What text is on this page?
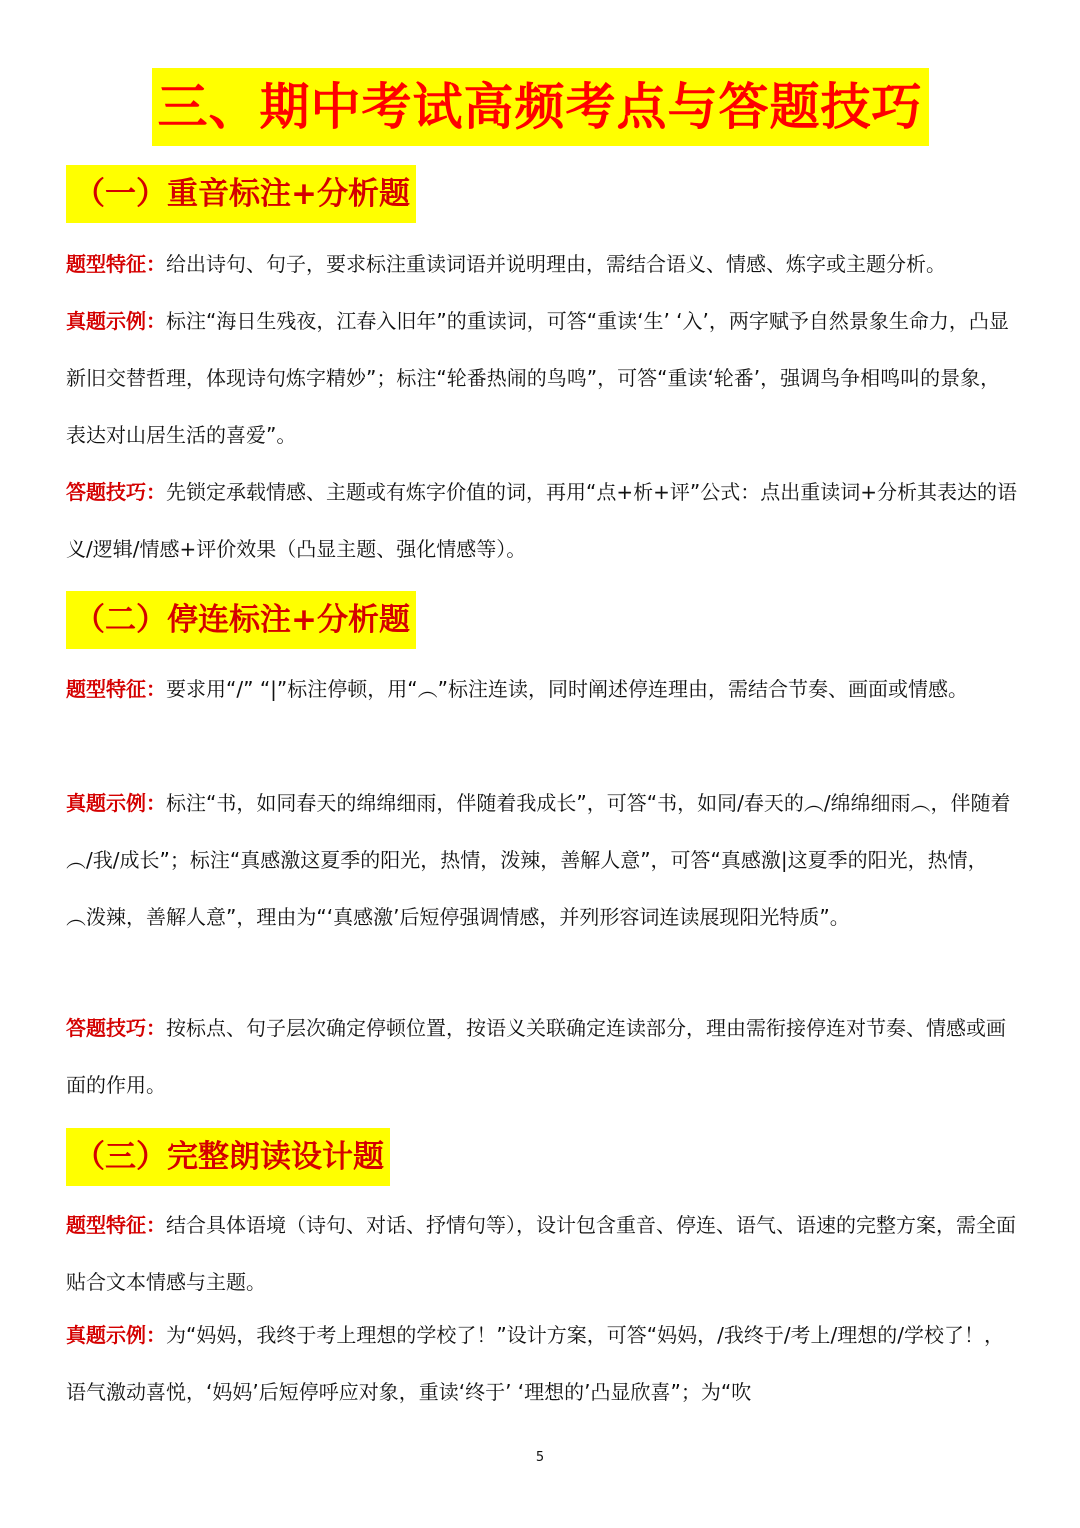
三、期中考试高频考点与答题技巧
（一）重音标注+分析题
题型特征：给出诗句、句子，要求标注重读词语并说明理由，需结合语义、情感、炼字或主题分析。
真题示例：标注“海日生残夜，江春入旧年”的重读词，可答“重读‘生’ ‘入’，两字赋予自然景象生命力，凸显新旧交替哲理，体现诗句炼字精妙”；标注“轮番热闹的鸟鸣”，可答“重读‘轮番’，强调鸟争相鸣叫的景象，表达对山居生活的喜爱”。
答题技巧：先锁定承载情感、主题或有炼字价值的词，再用“点+析+评”公式：点出重读词+分析其表达的语义/逻辑/情感+评价效果（凸显主题、强化情感等）。
（二）停连标注+分析题
题型特征：要求用“/” “|”标注停顿，用“︵”标注连读，同时阐述停连理由，需结合节奏、画面或情感。
真题示例：标注“书，如同春天的绵绵细雨，伴随着我成长”，可答“书，如同/春天的︵/绵绵细雨︵，伴随着︵/我/成长”；标注“真感激这夏季的阳光，热情，泼辣，善解人意”，可答“真感激|这夏季的阳光，热情，︵泼辣，善解人意”，理由为“‘真感激’后短停强调情感，并列形容词连读展现阳光特质”。
答题技巧：按标点、句子层次确定停顿位置，按语义关联确定连读部分，理由需衔接停连对节奏、情感或画面的作用。
（三）完整朗读设计题
题型特征：结合具体语境（诗句、对话、抒情句等），设计包含重音、停连、语气、语速的完整方案，需全面贴合文本情感与主题。
真题示例：为“妈妈，我终于考上理想的学校了！”设计方案，可答“妈妈，/我终于/考上/理想的/学校了！，语气激动喜悦，‘妈妈’后短停呼应对象，重读‘终于’ ‘理想的’凸显欣喜”；为“吹
5
